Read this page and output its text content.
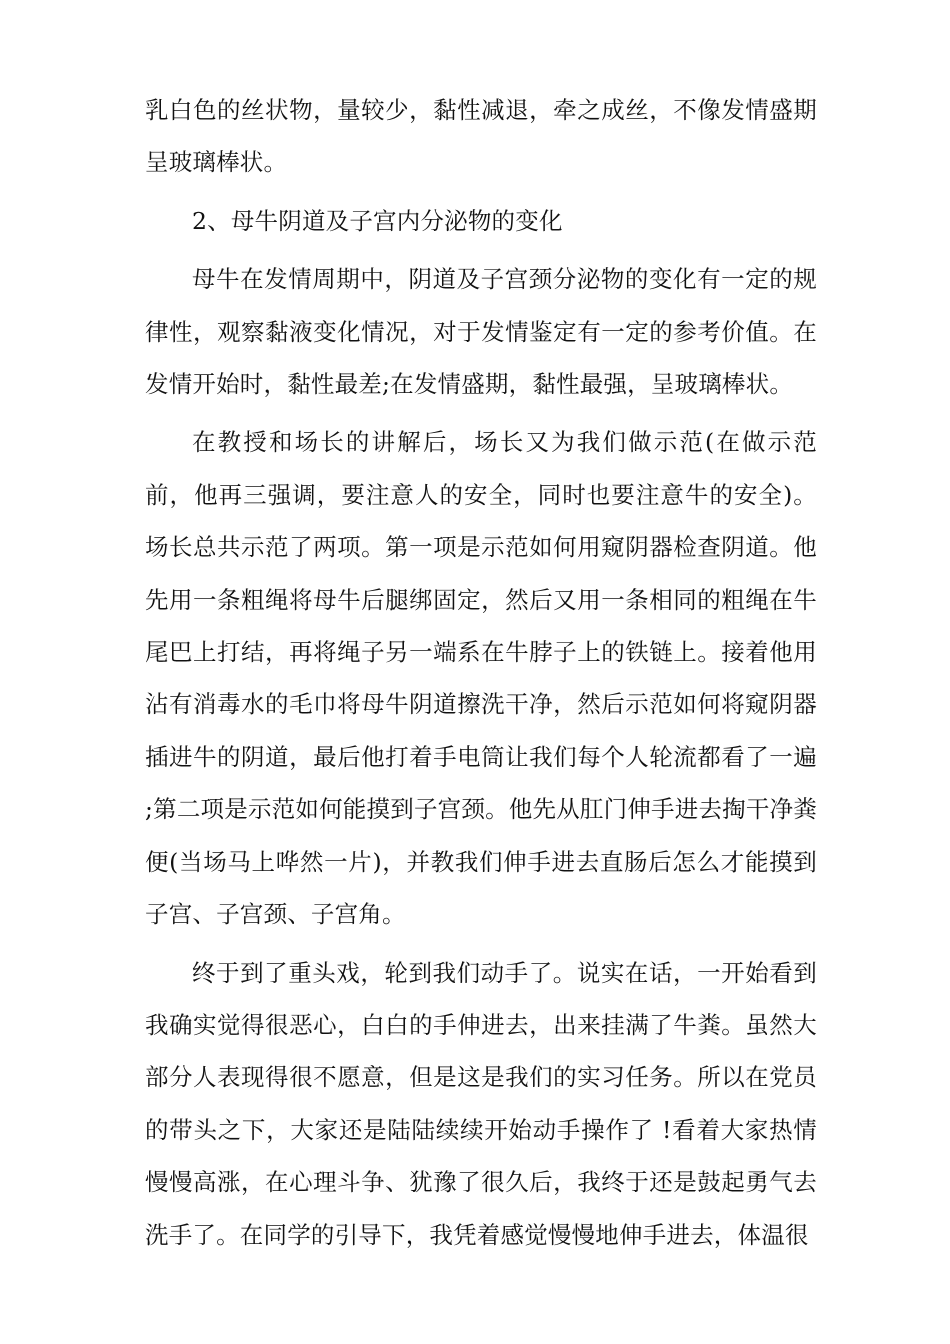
乳白色的丝状物，量较少，黏性减退，牵之成丝，不像发情盛期呈玻璃棒状。

2、母牛阴道及子宫内分泌物的变化

母牛在发情周期中，阴道及子宫颈分泌物的变化有一定的规律性，观察黏液变化情况，对于发情鉴定有一定的参考价值。在发情开始时，黏性最差;在发情盛期，黏性最强，呈玻璃棒状。

在教授和场长的讲解后，场长又为我们做示范(在做示范前，他再三强调，要注意人的安全，同时也要注意牛的安全)。场长总共示范了两项。第一项是示范如何用窥阴器检查阴道。他先用一条粗绳将母牛后腿绑固定，然后又用一条相同的粗绳在牛尾巴上打结，再将绳子另一端系在牛脖子上的铁链上。接着他用沾有消毒水的毛巾将母牛阴道擦洗干净，然后示范如何将窥阴器插进牛的阴道，最后他打着手电筒让我们每个人轮流都看了一遍 ;第二项是示范如何能摸到子宫颈。他先从肛门伸手进去掏干净粪便(当场马上哗然一片)，并教我们伸手进去直肠后怎么才能摸到子宫、子宫颈、子宫角。

终于到了重头戏，轮到我们动手了。说实在话，一开始看到我确实觉得很恶心，白白的手伸进去，出来挂满了牛粪。虽然大部分人表现得很不愿意，但是这是我们的实习任务。所以在党员的带头之下，大家还是陆陆续续开始动手操作了 !看着大家热情慢慢高涨，在心理斗争、犹豫了很久后，我终于还是鼓起勇气去洗手了。在同学的引导下，我凭着感觉慢慢地伸手进去，体温很
